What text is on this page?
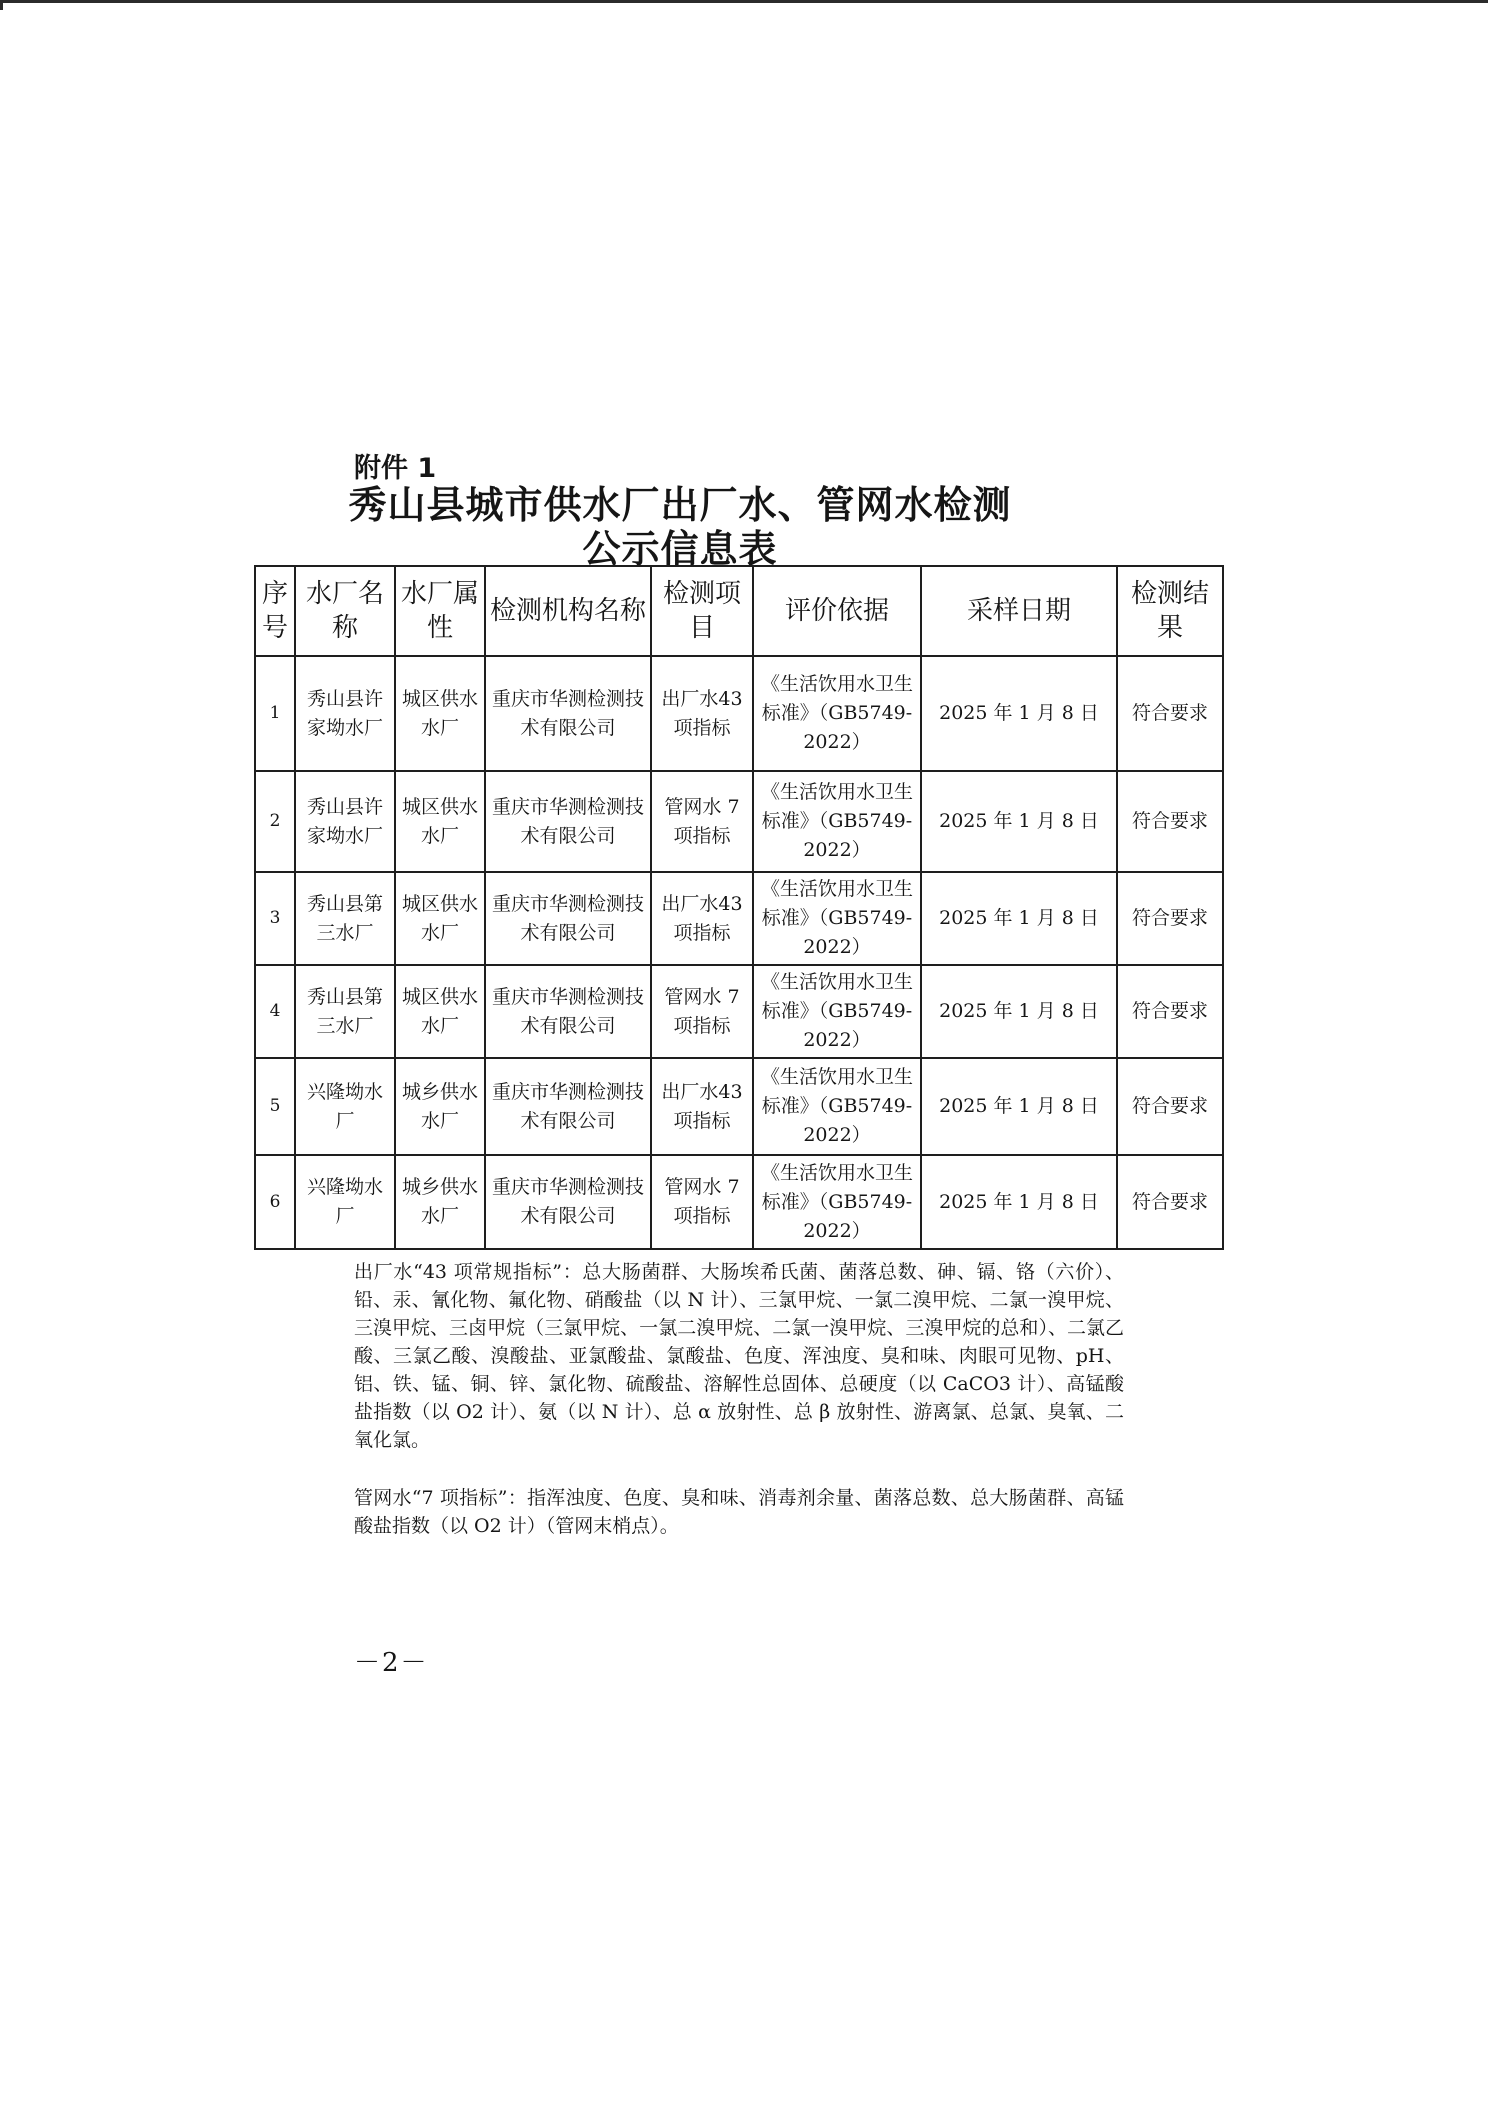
附件 1
秀山县城市供水厂出厂水、管网水检测
公示信息表
序号	水厂名称	水厂属性	检测机构名称	检测项目	评价依据	采样日期	检测结果
1	秀山县许家坳水厂	城区供水水厂	重庆市华测检测技术有限公司	出厂水43项指标	《生活饮用水卫生标准》（GB5749-2022）	2025 年 1 月 8 日	符合要求
2	秀山县许家坳水厂	城区供水水厂	重庆市华测检测技术有限公司	管网水 7 项指标	《生活饮用水卫生标准》（GB5749-2022）	2025 年 1 月 8 日	符合要求
3	秀山县第三水厂	城区供水水厂	重庆市华测检测技术有限公司	出厂水43项指标	《生活饮用水卫生标准》（GB5749-2022）	2025 年 1 月 8 日	符合要求
4	秀山县第三水厂	城区供水水厂	重庆市华测检测技术有限公司	管网水 7 项指标	《生活饮用水卫生标准》（GB5749-2022）	2025 年 1 月 8 日	符合要求
5	兴隆坳水厂	城乡供水水厂	重庆市华测检测技术有限公司	出厂水43项指标	《生活饮用水卫生标准》（GB5749-2022）	2025 年 1 月 8 日	符合要求
6	兴隆坳水厂	城乡供水水厂	重庆市华测检测技术有限公司	管网水 7 项指标	《生活饮用水卫生标准》（GB5749-2022）	2025 年 1 月 8 日	符合要求
出厂水“43 项常规指标”：总大肠菌群、大肠埃希氏菌、菌落总数、砷、镉、铬（六价）、铅、汞、氰化物、氟化物、硝酸盐（以 N 计）、三氯甲烷、一氯二溴甲烷、二氯一溴甲烷、三溴甲烷、三卤甲烷（三氯甲烷、一氯二溴甲烷、二氯一溴甲烷、三溴甲烷的总和）、二氯乙酸、三氯乙酸、溴酸盐、亚氯酸盐、氯酸盐、色度、浑浊度、臭和味、肉眼可见物、pH、铝、铁、锰、铜、锌、氯化物、硫酸盐、溶解性总固体、总硬度（以 CaCO3 计）、高锰酸盐指数（以 O2 计）、氨（以 N 计）、总 α 放射性、总 β 放射性、游离氯、总氯、臭氧、二氧化氯。
管网水“7 项指标”：指浑浊度、色度、臭和味、消毒剂余量、菌落总数、总大肠菌群、高锰酸盐指数（以 O2 计）（管网末梢点）。
－2－
